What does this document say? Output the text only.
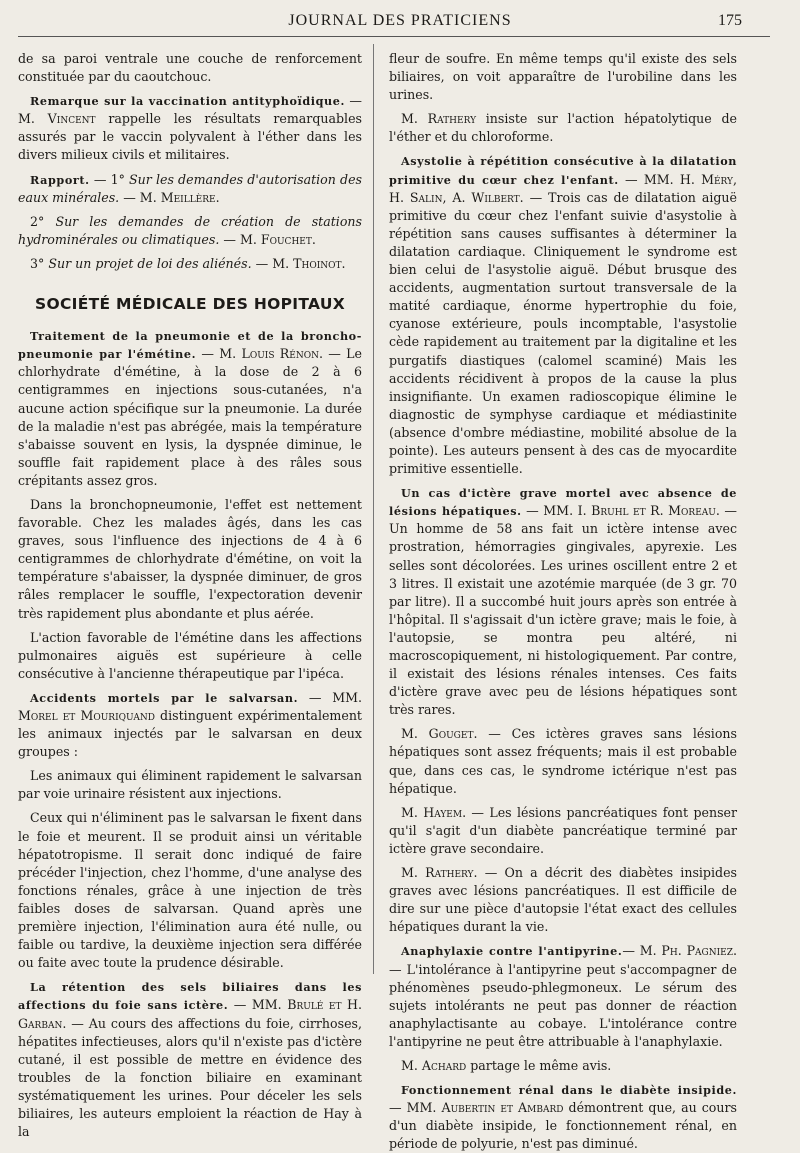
JOURNAL DES PRATICIENS	175

de sa paroi ventrale une couche de renforcement constituée par du caoutchouc.

Remarque sur la vaccination antityphoïdique. — M. Vincent rappelle les résultats remarquables assurés par le vaccin polyvalent à l'éther dans les divers milieux civils et militaires.

Rapport. — 1° Sur les demandes d'autorisation des eaux minérales. — M. Meillère.

2° Sur les demandes de création de stations hydrominérales ou climatiques. — M. Fouchet.

3° Sur un projet de loi des aliénés. — M. Thoinot.

SOCIÉTÉ MÉDICALE DES HOPITAUX

Traitement de la pneumonie et de la broncho-pneumonie par l'émétine. — M. Louis Rénon. — Le chlorhydrate d'émétine, à la dose de 2 à 6 centigrammes en injections sous-cutanées, n'a aucune action spécifique sur la pneumonie. La durée de la maladie n'est pas abrégée, mais la température s'abaisse souvent en lysis, la dyspnée diminue, le souffle fait rapidement place à des râles sous crépitants assez gros.

Dans la bronchopneumonie, l'effet est nettement favorable. Chez les malades âgés, dans les cas graves, sous l'influence des injections de 4 à 6 centigrammes de chlorhydrate d'émétine, on voit la température s'abaisser, la dyspnée diminuer, de gros râles remplacer le souffle, l'expectoration devenir très rapidement plus abondante et plus aérée.

L'action favorable de l'émétine dans les affections pulmonaires aiguës est supérieure à celle consécutive à l'ancienne thérapeutique par l'ipéca.

Accidents mortels par le salvarsan. — MM. Morel et Mouriquand distinguent expérimentalement les animaux injectés par le salvarsan en deux groupes :

Les animaux qui éliminent rapidement le salvarsan par voie urinaire résistent aux injections.

Ceux qui n'éliminent pas le salvarsan le fixent dans le foie et meurent. Il se produit ainsi un véritable hépatotropisme. Il serait donc indiqué de faire précéder l'injection, chez l'homme, d'une analyse des fonctions rénales, grâce à une injection de très faibles doses de salvarsan. Quand après une première injection, l'élimination aura été nulle, ou faible ou tardive, la deuxième injection sera différée ou faite avec toute la prudence désirable.

La rétention des sels biliaires dans les affections du foie sans ictère. — MM. Brulé et H. Garban. — Au cours des affections du foie, cirrhoses, hépatites infectieuses, alors qu'il n'existe pas d'ictère cutané, il est possible de mettre en évidence des troubles de la fonction biliaire en examinant systématiquement les urines. Pour déceler les sels biliaires, les auteurs emploient la réaction de Hay à la

fleur de soufre. En même temps qu'il existe des sels biliaires, on voit apparaître de l'urobiline dans les urines.

M. Rathery insiste sur l'action hépatolytique de l'éther et du chloroforme.

Asystolie à répétition consécutive à la dilatation primitive du cœur chez l'enfant. — MM. H. Méry, H. Salin, A. Wilbert. — Trois cas de dilatation aiguë primitive du cœur chez l'enfant suivie d'asystolie à répétition sans causes suffisantes à déterminer la dilatation cardiaque. Cliniquement le syndrome est bien celui de l'asystolie aiguë. Début brusque des accidents, augmentation surtout transversale de la matité cardiaque, énorme hypertrophie du foie, cyanose extérieure, pouls incomptable, l'asystolie cède rapidement au traitement par la digitaline et les purgatifs diastiques (calomel scaminé) Mais les accidents récidivent à propos de la cause la plus insignifiante. Un examen radioscopique élimine le diagnostic de symphyse cardiaque et médiastinite (absence d'ombre médiastine, mobilité absolue de la pointe). Les auteurs pensent à des cas de myocardite primitive essentielle.

Un cas d'ictère grave mortel avec absence de lésions hépatiques. — MM. I. Bruhl et R. Moreau. — Un homme de 58 ans fait un ictère intense avec prostration, hémorragies gingivales, apyrexie. Les selles sont décolorées. Les urines oscillent entre 2 et 3 litres. Il existait une azotémie marquée (de 3 gr. 70 par litre). Il a succombé huit jours après son entrée à l'hôpital. Il s'agissait d'un ictère grave; mais le foie, à l'autopsie, se montra peu altéré, ni macroscopiquement, ni histologiquement. Par contre, il existait des lésions rénales intenses. Ces faits d'ictère grave avec peu de lésions hépatiques sont très rares.

M. Gouget. — Ces ictères graves sans lésions hépatiques sont assez fréquents; mais il est probable que, dans ces cas, le syndrome ictérique n'est pas hépatique.

M. Hayem. — Les lésions pancréatiques font penser qu'il s'agit d'un diabète pancréatique terminé par ictère grave secondaire.

M. Rathery. — On a décrit des diabètes insipides graves avec lésions pancréatiques. Il est difficile de dire sur une pièce d'autopsie l'état exact des cellules hépatiques durant la vie.

Anaphylaxie contre l'antipyrine.— M. Ph. Pagniez. — L'intolérance à l'antipyrine peut s'accompagner de phénomènes pseudo-phlegmoneux. Le sérum des sujets intolérants ne peut pas donner de réaction anaphylactisante au cobaye. L'intolérance contre l'antipyrine ne peut être attribuable à l'anaphylaxie.

M. Achard partage le même avis.

Fonctionnement rénal dans le diabète insipide. — MM. Aubertin et Ambard démontrent que, au cours d'un diabète insipide, le fonctionnement rénal, en période de polyurie, n'est pas diminué.
